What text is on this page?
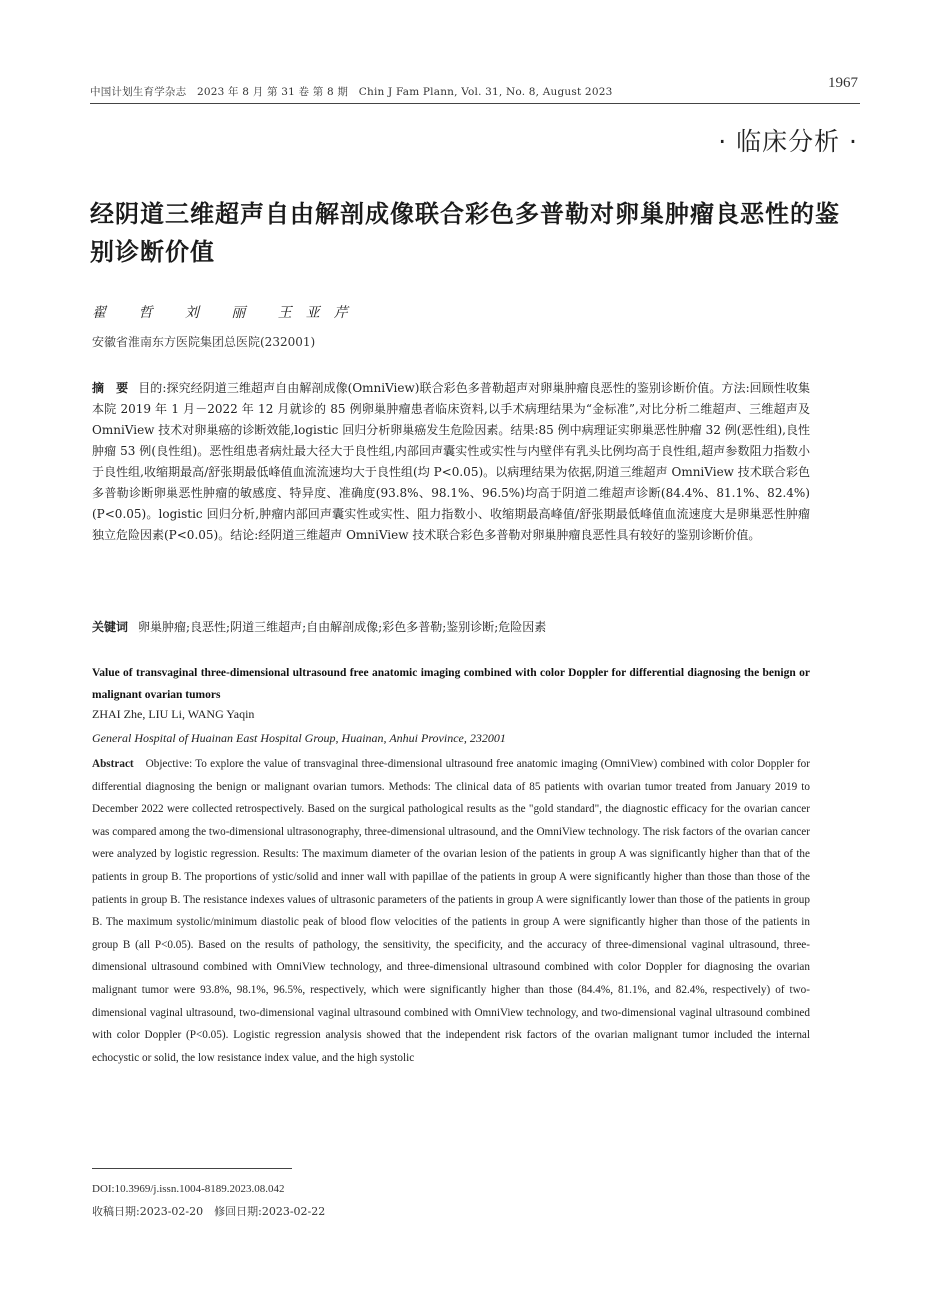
中国计划生育学杂志　2023 年 8 月 第 31 卷 第 8 期　Chin J Fam Plann, Vol. 31, No. 8, August 2023
1967
· 临床分析 ·
经阴道三维超声自由解剖成像联合彩色多普勒对卵巢肿瘤良恶性的鉴别诊断价值
翟 哲 刘 丽 王亚芹
安徽省淮南东方医院集团总医院(232001)

摘　要 目的:探究经阴道三维超声自由解剖成像(OmniView)联合彩色多普勒超声对卵巢肿瘤良恶性的鉴别诊断价值。方法:回顾性收集本院 2019 年 1 月－2022 年 12 月就诊的 85 例卵巢肿瘤患者临床资料,以手术病理结果为“金标准”,对比分析二维超声、三维超声及 OmniView 技术对卵巢癌的诊断效能,logistic 回归分析卵巢癌发生危险因素。结果:85 例中病理证实卵巢恶性肿瘤 32 例(恶性组),良性肿瘤 53 例(良性组)。恶性组患者病灶最大径大于良性组,内部回声囊实性或实性与内壁伴有乳头比例均高于良性组,超声参数阻力指数小于良性组,收缩期最高/舒张期最低峰值血流流速均大于良性组(均 P<0.05)。以病理结果为依据,阴道三维超声 OmniView 技术联合彩色多普勒诊断卵巢恶性肿瘤的敏感度、特异度、准确度(93.8%、98.1%、96.5%)均高于阴道二维超声诊断(84.4%、81.1%、82.4%)(P<0.05)。logistic 回归分析,肿瘤内部回声囊实性或实性、阻力指数小、收缩期最高峰值/舒张期最低峰值血流速度大是卵巢恶性肿瘤独立危险因素(P<0.05)。结论:经阴道三维超声 OmniView 技术联合彩色多普勒对卵巢肿瘤良恶性具有较好的鉴别诊断价值。

关键词 卵巢肿瘤;良恶性;阴道三维超声;自由解剖成像;彩色多普勒;鉴别诊断;危险因素

Value of transvaginal three-dimensional ultrasound free anatomic imaging combined with color Doppler for differential diagnosing the benign or malignant ovarian tumors

ZHAI Zhe, LIU Li, WANG Yaqin
General Hospital of Huainan East Hospital Group, Huainan, Anhui Province, 232001

Abstract Objective: To explore the value of transvaginal three-dimensional ultrasound free anatomic imaging (OmniView) combined with color Doppler for differential diagnosing the benign or malignant ovarian tumors. Methods: The clinical data of 85 patients with ovarian tumor treated from January 2019 to December 2022 were collected retrospectively. Based on the surgical pathological results as the "gold standard", the diagnostic efficacy for the ovarian cancer was compared among the two-dimensional ultrasonography, three-dimensional ultrasound, and the OmniView technology. The risk factors of the ovarian cancer were analyzed by logistic regression. Results: The maximum diameter of the ovarian lesion of the patients in group A was significantly higher than that of the patients in group B. The proportions of ystic/solid and inner wall with papillae of the patients in group A were significantly higher than those than those of the patients in group B. The resistance indexes values of ultrasonic parameters of the patients in group A were significantly lower than those of the patients in group B. The maximum systolic/minimum diastolic peak of blood flow velocities of the patients in group A were significantly higher than those of the patients in group B (all P<0.05). Based on the results of pathology, the sensitivity, the specificity, and the accuracy of three-dimensional vaginal ultrasound, three-dimensional ultrasound combined with OmniView technology, and three-dimensional ultrasound combined with color Doppler for diagnosing the ovarian malignant tumor were 93.8%, 98.1%, 96.5%, respectively, which were significantly higher than those (84.4%, 81.1%, and 82.4%, respectively) of two-dimensional vaginal ultrasound, two-dimensional vaginal ultrasound combined with OmniView technology, and two-dimensional vaginal ultrasound combined with color Doppler (P<0.05). Logistic regression analysis showed that the independent risk factors of the ovarian malignant tumor included the internal echocystic or solid, the low resistance index value, and the high systolic

DOI:10.3969/j.issn.1004-8189.2023.08.042
收稿日期:2023-02-20　修回日期:2023-02-22
